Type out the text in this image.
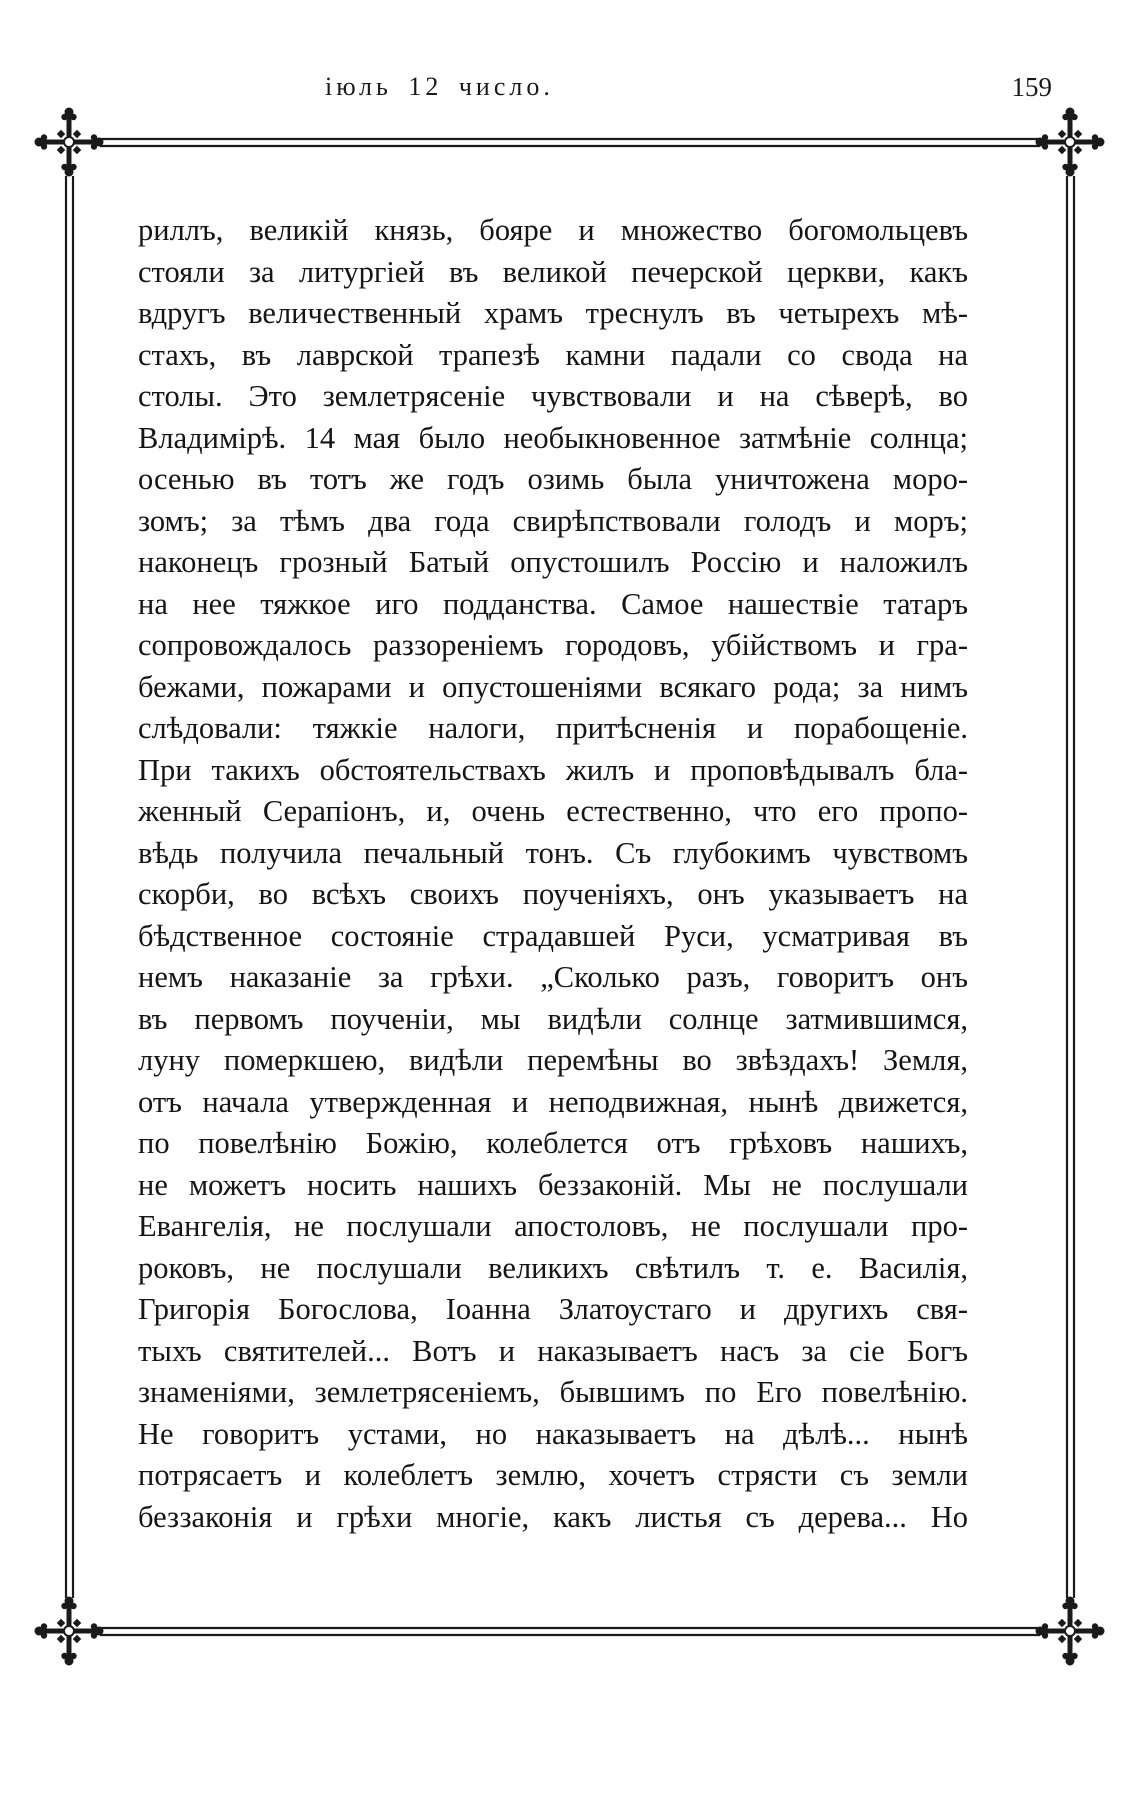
іюль 12 число.	159
риллъ, великій князь, бояре и множество богомольцевъ
стояли за литургіей въ великой печерской церкви, какъ
вдругъ величественный храмъ треснулъ въ четырехъ мѣ-
стахъ, въ лаврской трапезѣ камни падали со свода на
столы. Это землетрясеніе чувствовали и на сѣверѣ, во
Владимірѣ. 14 мая было необыкновенное затмѣніе солнца;
осенью въ тотъ же годъ озимь была уничтожена моро-
зомъ; за тѣмъ два года свирѣпствовали голодъ и моръ;
наконецъ грозный Батый опустошилъ Россію и наложилъ
на нее тяжкое иго подданства. Самое нашествіе татаръ
сопровождалось раззореніемъ городовъ, убійствомъ и гра-
бежами, пожарами и опустошеніями всякаго рода; за нимъ
слѣдовали: тяжкіе налоги, притѣсненія и порабощеніе.
При такихъ обстоятельствахъ жилъ и проповѣдывалъ бла-
женный Серапіонъ, и, очень естественно, что его пропо-
вѣдь получила печальный тонъ. Съ глубокимъ чувствомъ
скорби, во всѣхъ своихъ поученіяхъ, онъ указываетъ на
бѣдственное состояніе страдавшей Руси, усматривая въ
немъ наказаніе за грѣхи. „Сколько разъ, говоритъ онъ
въ первомъ поученіи, мы видѣли солнце затмившимся,
луну померкшею, видѣли перемѣны во звѣздахъ! Земля,
отъ начала утвержденная и неподвижная, нынѣ движется,
по повелѣнію Божію, колеблется отъ грѣховъ нашихъ,
не можетъ носить нашихъ беззаконій. Мы не послушали
Евангелія, не послушали апостоловъ, не послушали про-
роковъ, не послушали великихъ свѣтилъ т. е. Василія,
Григорія Богослова, Іоанна Златоустаго и другихъ свя-
тыхъ святителей... Вотъ и наказываетъ насъ за сіе Богъ
знаменіями, землетрясеніемъ, бывшимъ по Его повелѣнію.
Не говоритъ устами, но наказываетъ на дѣлѣ... нынѣ
потрясаетъ и колеблетъ землю, хочетъ стрясти съ земли
беззаконія и грѣхи многіе, какъ листья съ дерева... Но
